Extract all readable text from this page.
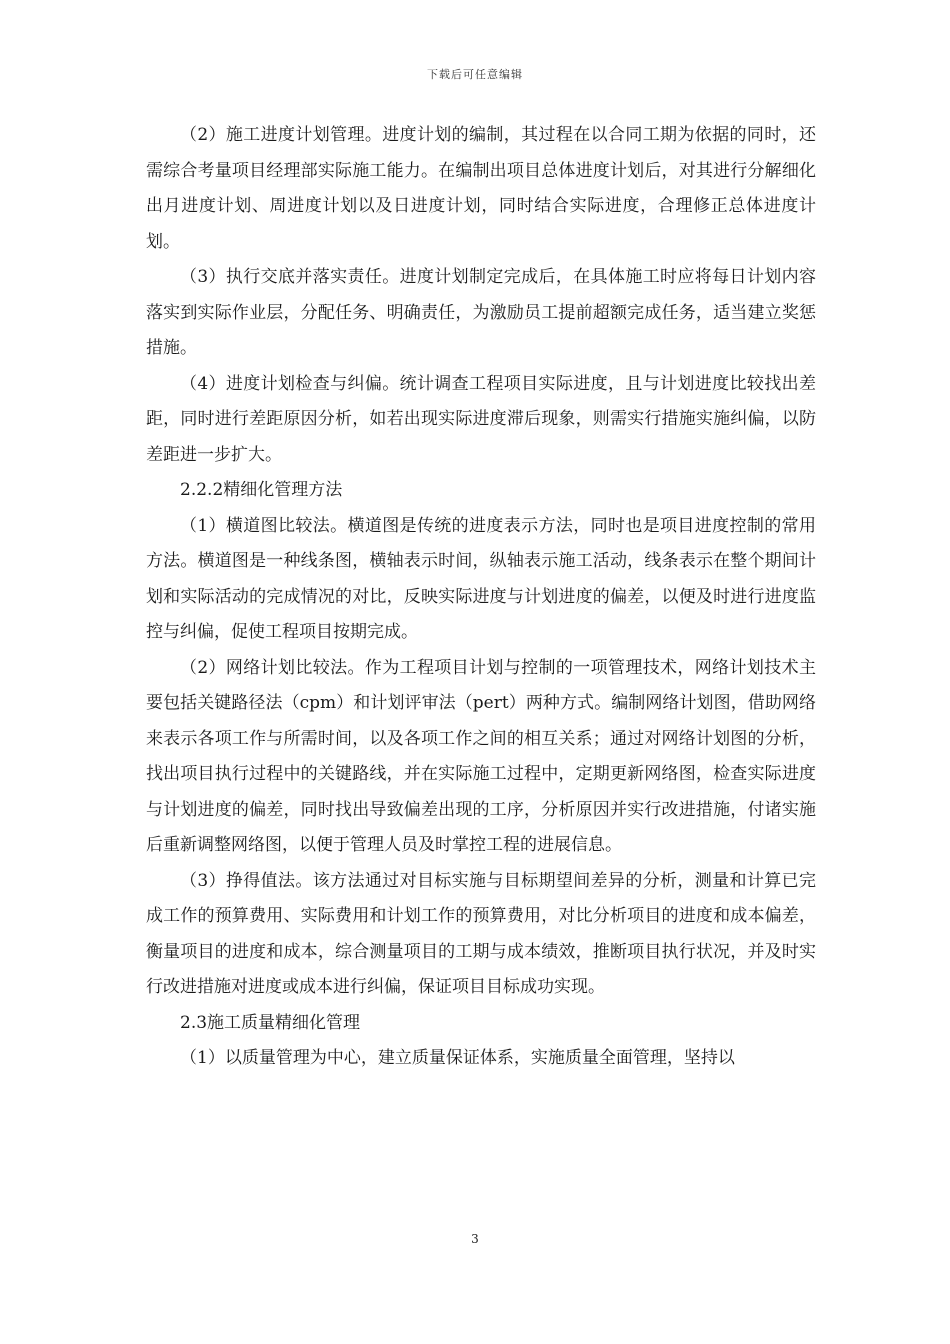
下载后可任意编辑

（2）施工进度计划管理。进度计划的编制，其过程在以合同工期为依据的同时，还需综合考量项目经理部实际施工能力。在编制出项目总体进度计划后，对其进行分解细化出月进度计划、周进度计划以及日进度计划，同时结合实际进度，合理修正总体进度计划。

（3）执行交底并落实责任。进度计划制定完成后，在具体施工时应将每日计划内容落实到实际作业层，分配任务、明确责任，为激励员工提前超额完成任务，适当建立奖惩措施。

（4）进度计划检查与纠偏。统计调查工程项目实际进度，且与计划进度比较找出差距，同时进行差距原因分析，如若出现实际进度滞后现象，则需实行措施实施纠偏，以防差距进一步扩大。

2.2.2精细化管理方法

（1）横道图比较法。横道图是传统的进度表示方法，同时也是项目进度控制的常用方法。横道图是一种线条图，横轴表示时间，纵轴表示施工活动，线条表示在整个期间计划和实际活动的完成情况的对比，反映实际进度与计划进度的偏差，以便及时进行进度监控与纠偏，促使工程项目按期完成。

（2）网络计划比较法。作为工程项目计划与控制的一项管理技术，网络计划技术主要包括关键路径法（cpm）和计划评审法（pert）两种方式。编制网络计划图，借助网络来表示各项工作与所需时间，以及各项工作之间的相互关系；通过对网络计划图的分析，找出项目执行过程中的关键路线，并在实际施工过程中，定期更新网络图，检查实际进度与计划进度的偏差，同时找出导致偏差出现的工序，分析原因并实行改进措施，付诸实施后重新调整网络图，以便于管理人员及时掌控工程的进展信息。

（3）挣得值法。该方法通过对目标实施与目标期望间差异的分析，测量和计算已完成工作的预算费用、实际费用和计划工作的预算费用，对比分析项目的进度和成本偏差，衡量项目的进度和成本，综合测量项目的工期与成本绩效，推断项目执行状况，并及时实行改进措施对进度或成本进行纠偏，保证项目目标成功实现。

2.3施工质量精细化管理

（1）以质量管理为中心，建立质量保证体系，实施质量全面管理，坚持以

3
